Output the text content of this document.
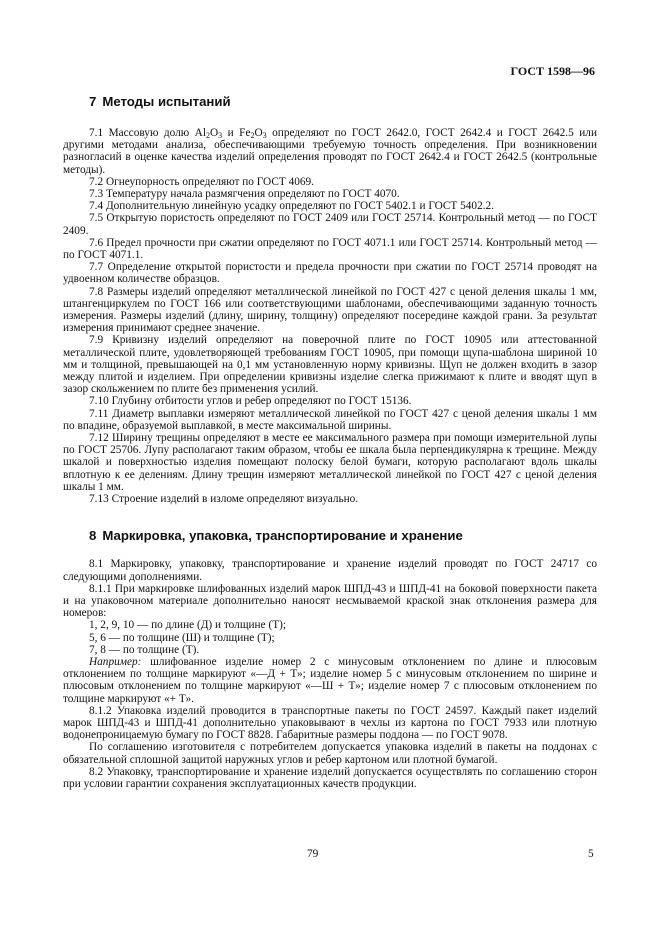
ГОСТ 1598—96
7 Методы испытаний

7.1 Массовую долю $Al_2O_3$ и $Fe_2O_3$ определяют по ГОСТ 2642.0, ГОСТ 2642.4 и ГОСТ 2642.5 или другими методами анализа, обеспечивающими требуемую точность определения. При возникновении разногласий в оценке качества изделий определения проводят по ГОСТ 2642.4 и ГОСТ 2642.5 (контрольные методы).

7.2 Огнеупорность определяют по ГОСТ 4069.

7.3 Температуру начала размягчения определяют по ГОСТ 4070.

7.4 Дополнительную линейную усадку определяют по ГОСТ 5402.1 и ГОСТ 5402.2.

7.5 Открытую пористость определяют по ГОСТ 2409 или ГОСТ 25714. Контрольный метод — по ГОСТ 2409.

7.6 Предел прочности при сжатии определяют по ГОСТ 4071.1 или ГОСТ 25714. Контрольный метод — по ГОСТ 4071.1.

7.7 Определение открытой пористости и предела прочности при сжатии по ГОСТ 25714 проводят на удвоенном количестве образцов.

7.8 Размеры изделий определяют металлической линейкой по ГОСТ 427 с ценой деления шкалы 1 мм, штангенциркулем по ГОСТ 166 или соответствующими шаблонами, обеспечивающими заданную точность измерения. Размеры изделий (длину, ширину, толщину) определяют посередине каждой грани. За результат измерения принимают среднее значение.

7.9 Кривизну изделий определяют на поверочной плите по ГОСТ 10905 или аттестованной металлической плите, удовлетворяющей требованиям ГОСТ 10905, при помощи щупа-шаблона шириной 10 мм и толщиной, превышающей на 0,1 мм установленную норму кривизны. Щуп не должен входить в зазор между плитой и изделием. При определении кривизны изделие слегка прижимают к плите и вводят щуп в зазор скольжением по плите без применения усилий.

7.10 Глубину отбитости углов и ребер определяют по ГОСТ 15136.

7.11 Диаметр выплавки измеряют металлической линейкой по ГОСТ 427 с ценой деления шкалы 1 мм по впадине, образуемой выплавкой, в месте максимальной ширины.

7.12 Ширину трещины определяют в месте ее максимального размера при помощи измерительной лупы по ГОСТ 25706. Лупу располагают таким образом, чтобы ее шкала была перпендикулярна к трещине. Между шкалой и поверхностью изделия помещают полоску белой бумаги, которую располагают вдоль шкалы вплотную к ее делениям. Длину трещин измеряют металлической линейкой по ГОСТ 427 с ценой деления шкалы 1 мм.

7.13 Строение изделий в изломе определяют визуально.

8 Маркировка, упаковка, транспортирование и хранение

8.1 Маркировку, упаковку, транспортирование и хранение изделий проводят по ГОСТ 24717 со следующими дополнениями.

8.1.1 При маркировке шлифованных изделий марок ШПД-43 и ШПД-41 на боковой поверхности пакета и на упаковочном материале дополнительно наносят несмываемой краской знак отклонения размера для номеров:

1, 2, 9, 10 — по длине (Д) и толщине (Т);

5, 6 — по толщине (Ш) и толщине (Т);

7, 8 — по толщине (Т).

Например: шлифованное изделие номер 2 с минусовым отклонением по длине и плюсовым отклонением по толщине маркируют «—Д + Т»; изделие номер 5 с минусовым отклонением по ширине и плюсовым отклонением по толщине маркируют «—Ш + Т»; изделие номер 7 с плюсовым отклонением по толщине маркируют «+ Т».

8.1.2 Упаковка изделий проводится в транспортные пакеты по ГОСТ 24597. Каждый пакет изделий марок ШПД-43 и ШПД-41 дополнительно упаковывают в чехлы из картона по ГОСТ 7933 или плотную водонепроницаемую бумагу по ГОСТ 8828. Габаритные размеры поддона — по ГОСТ 9078.

По соглашению изготовителя с потребителем допускается упаковка изделий в пакеты на поддонах с обязательной сплошной защитой наружных углов и ребер картоном или плотной бумагой.

8.2 Упаковку, транспортирование и хранение изделий допускается осуществлять по соглашению сторон при условии гарантии сохранения эксплуатационных качеств продукции.

79	5
